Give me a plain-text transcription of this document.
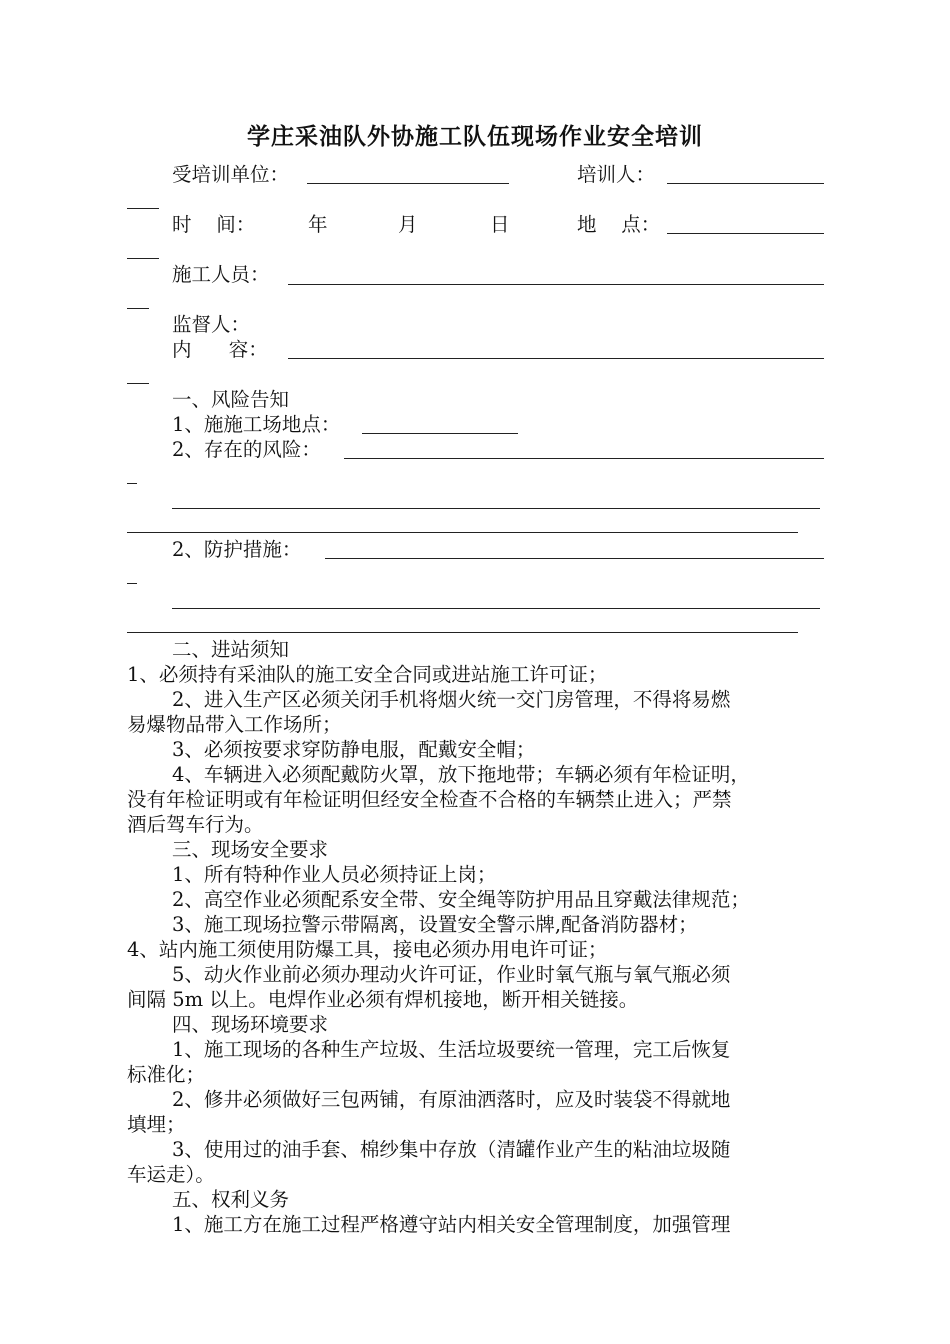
学庄采油队外协施工队伍现场作业安全培训
受培训单位：	培训人：
时    间：	年	月	日	地    点：
施工人员：
监督人：
内      容：
一、风险告知
1、施施工场地点：
2、存在的风险：
2、防护措施：
二、进站须知
1、必须持有采油队的施工安全合同或进站施工许可证；
2、进入生产区必须关闭手机将烟火统一交门房管理，不得将易燃
易爆物品带入工作场所；
3、必须按要求穿防静电服，配戴安全帽；
4、车辆进入必须配戴防火罩，放下拖地带；车辆必须有年检证明，
没有年检证明或有年检证明但经安全检查不合格的车辆禁止进入；严禁
酒后驾车行为。
三、现场安全要求
1、所有特种作业人员必须持证上岗；
2、高空作业必须配系安全带、安全绳等防护用品且穿戴法律规范；
3、施工现场拉警示带隔离，设置安全警示牌,配备消防器材；
4、站内施工须使用防爆工具，接电必须办用电许可证；
5、动火作业前必须办理动火许可证，作业时氧气瓶与氧气瓶必须
间隔 5m 以上。电焊作业必须有焊机接地，断开相关链接。
四、现场环境要求
1、施工现场的各种生产垃圾、生活垃圾要统一管理，完工后恢复
标准化；
2、修井必须做好三包两铺，有原油洒落时，应及时装袋不得就地
填埋；
3、使用过的油手套、棉纱集中存放（清罐作业产生的粘油垃圾随
车运走）。
五、权利义务
1、施工方在施工过程严格遵守站内相关安全管理制度，加强管理
